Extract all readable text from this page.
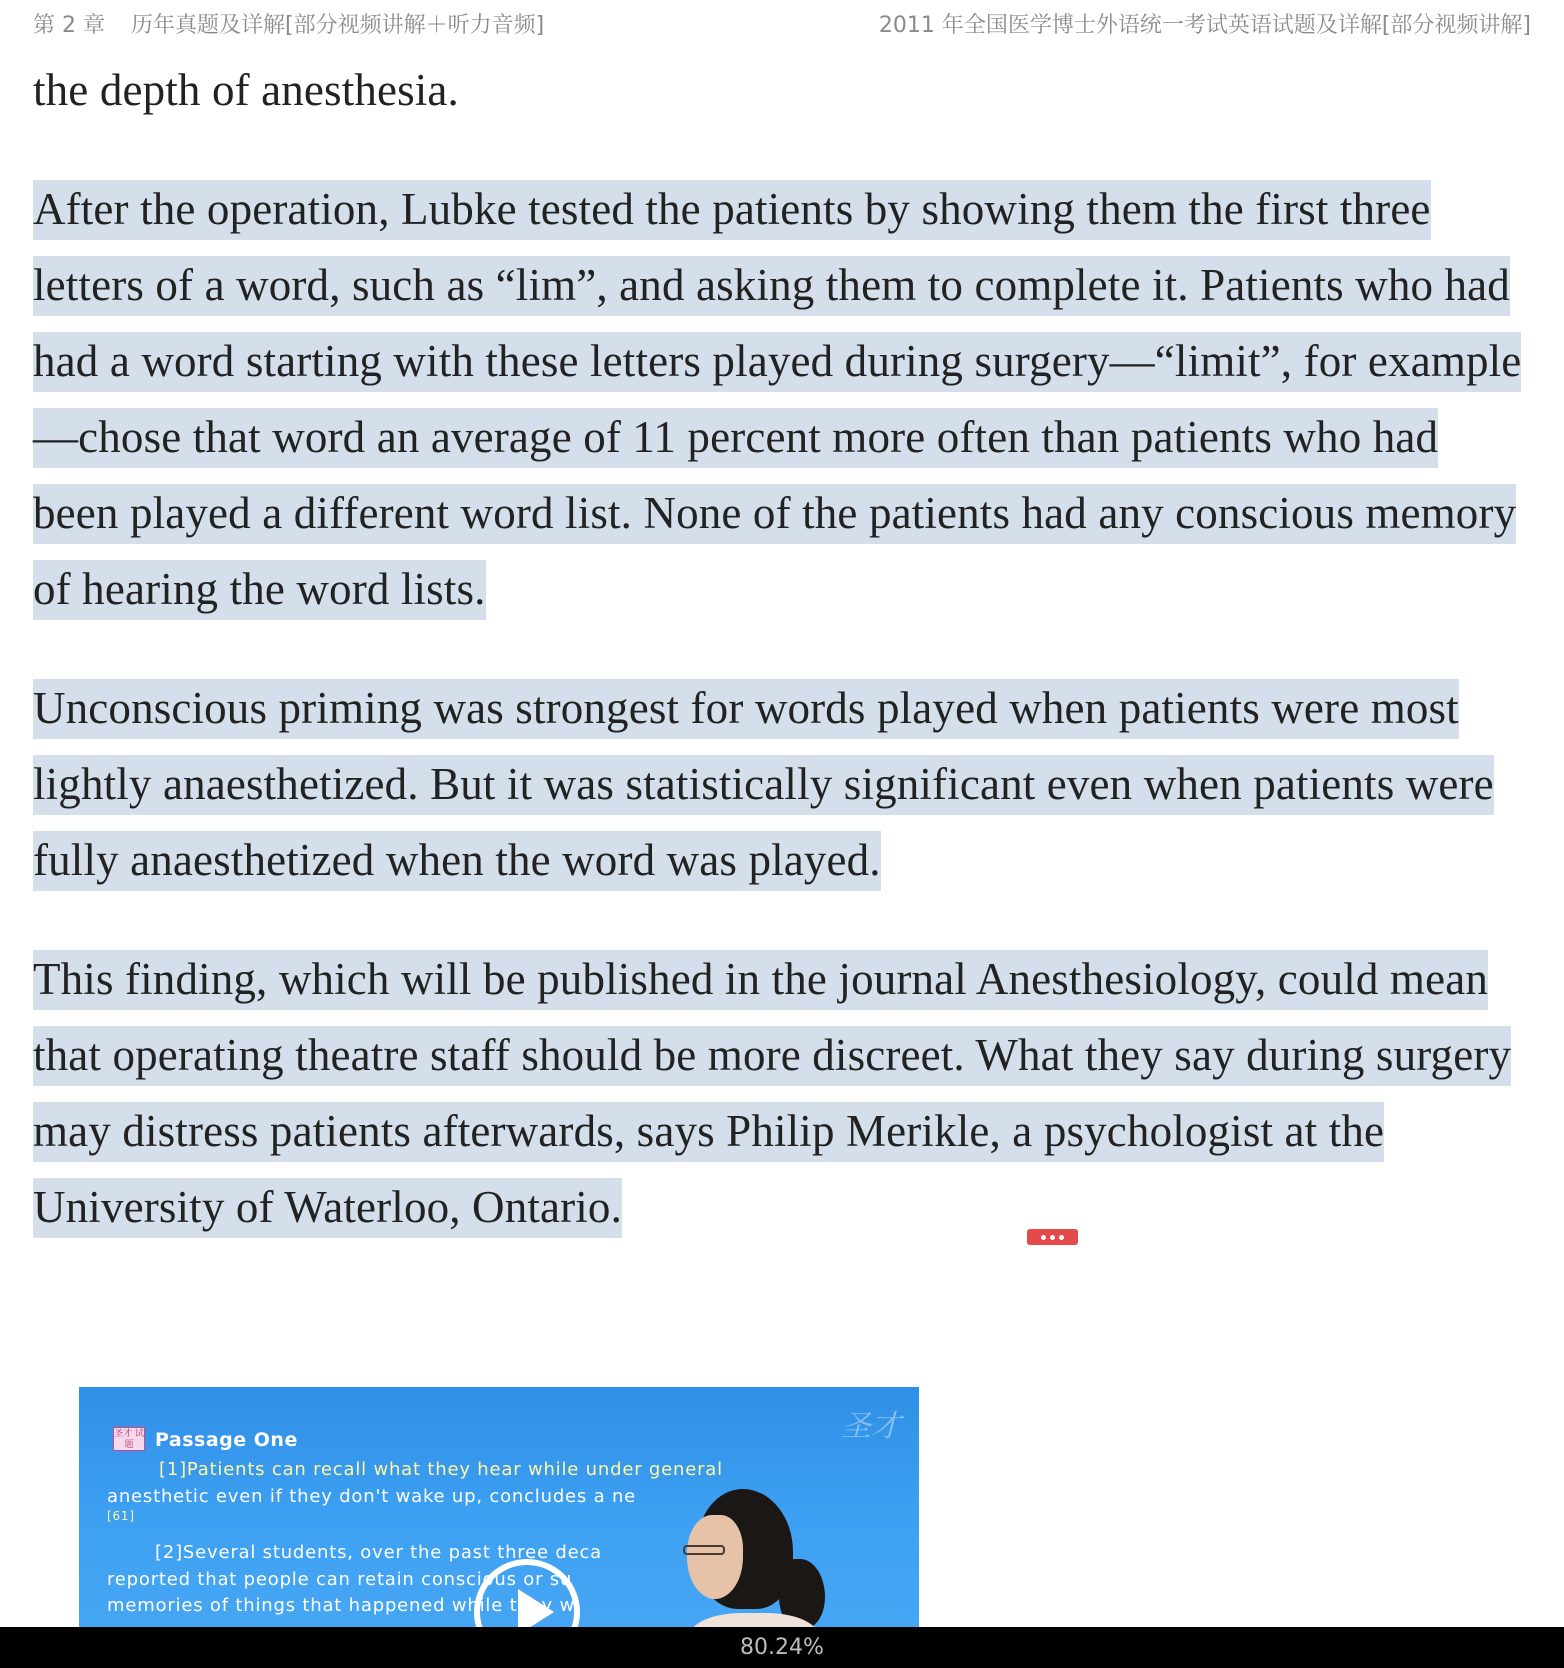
第 2 章 历年真题及详解[部分视频讲解＋听力音频]	2011 年全国医学博士外语统一考试英语试题及详解[部分视频讲解]

the depth of anesthesia.

After the operation, Lubke tested the patients by showing them the first three letters of a word, such as “lim”, and asking them to complete it. Patients who had had a word starting with these letters played during surgery—“limit”, for example—chose that word an average of 11 percent more often than patients who had been played a different word list. None of the patients had any conscious memory of hearing the word lists.

Unconscious priming was strongest for words played when patients were most lightly anaesthetized. But it was statistically significant even when patients were fully anaesthetized when the word was played.

This finding, which will be published in the journal Anesthesiology, could mean that operating theatre staff should be more discreet. What they say during surgery may distress patients afterwards, says Philip Merikle, a psychologist at the University of Waterloo, Ontario.

圣才
圣才 试题	Passage One
[1]Patients can recall what they hear while under general
anesthetic even if they don't wake up, concludes a ne
[61]
[2]Several students, over the past three deca
reported that people can retain conscious or su
memories of things that happened while they w
80.24%
